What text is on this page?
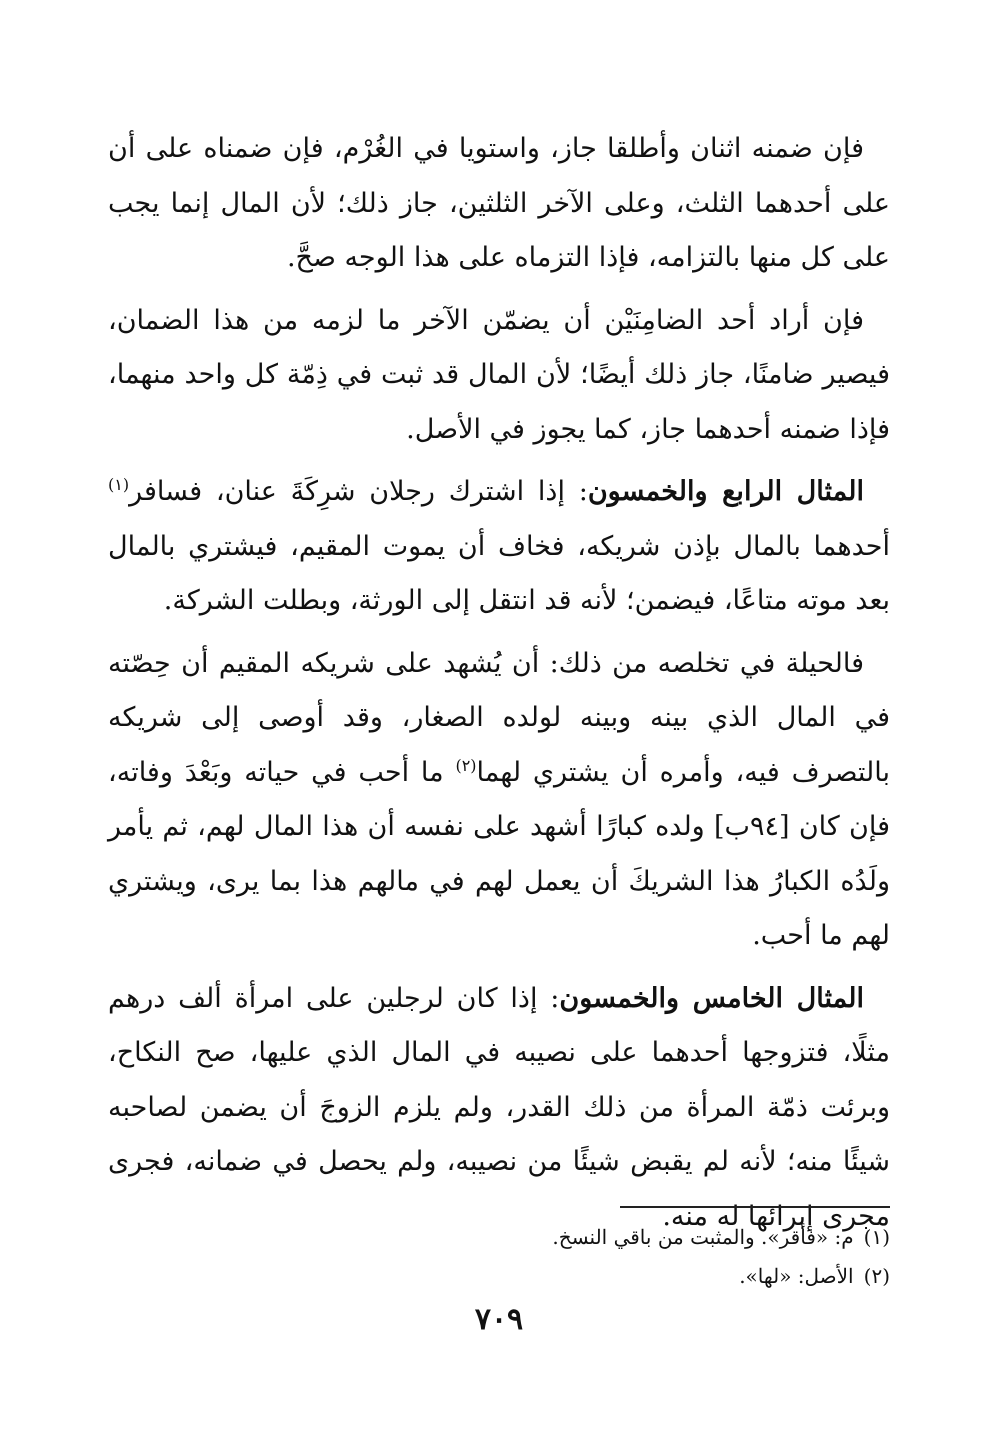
فإن ضمنه اثنان وأطلقا جاز، واستويا في الغُرْم، فإن ضمناه على أن على أحدهما الثلث، وعلى الآخر الثلثين، جاز ذلك؛ لأن المال إنما يجب على كل منها بالتزامه، فإذا التزماه على هذا الوجه صحَّ.

فإن أراد أحد الضامِنَيْن أن يضمّن الآخر ما لزمه من هذا الضمان، فيصير ضامنًا، جاز ذلك أيضًا؛ لأن المال قد ثبت في ذِمّة كل واحد منهما، فإذا ضمنه أحدهما جاز، كما يجوز في الأصل.

المثال الرابع والخمسون: إذا اشترك رجلان شرِكَةَ عنان، فسافر$^{(١)}$ أحدهما بالمال بإذن شريكه، فخاف أن يموت المقيم، فيشتري بالمال بعد موته متاعًا، فيضمن؛ لأنه قد انتقل إلى الورثة، وبطلت الشركة.

فالحيلة في تخلصه من ذلك: أن يُشهد على شريكه المقيم أن حِصّته في المال الذي بينه وبينه لولده الصغار، وقد أوصى إلى شريكه بالتصرف فيه، وأمره أن يشتري لهما$^{(٢)}$ ما أحب في حياته وبَعْدَ وفاته، فإن كان [٩٤ب] ولده كبارًا أشهد على نفسه أن هذا المال لهم، ثم يأمر ولَدُه الكبارُ هذا الشريكَ أن يعمل لهم في مالهم هذا بما يرى، ويشتري لهم ما أحب.

المثال الخامس والخمسون: إذا كان لرجلين على امرأة ألف درهم مثلًا، فتزوجها أحدهما على نصيبه في المال الذي عليها، صح النكاح، وبرئت ذمّة المرأة من ذلك القدر، ولم يلزم الزوجَ أن يضمن لصاحبه شيئًا منه؛ لأنه لم يقبض شيئًا من نصيبه، ولم يحصل في ضمانه، فجرى مجرى إبرائها له منه.

(١)م: «فأقر». والمثبت من باقي النسخ.

(٢)الأصل: «لها».

٧٠٩
